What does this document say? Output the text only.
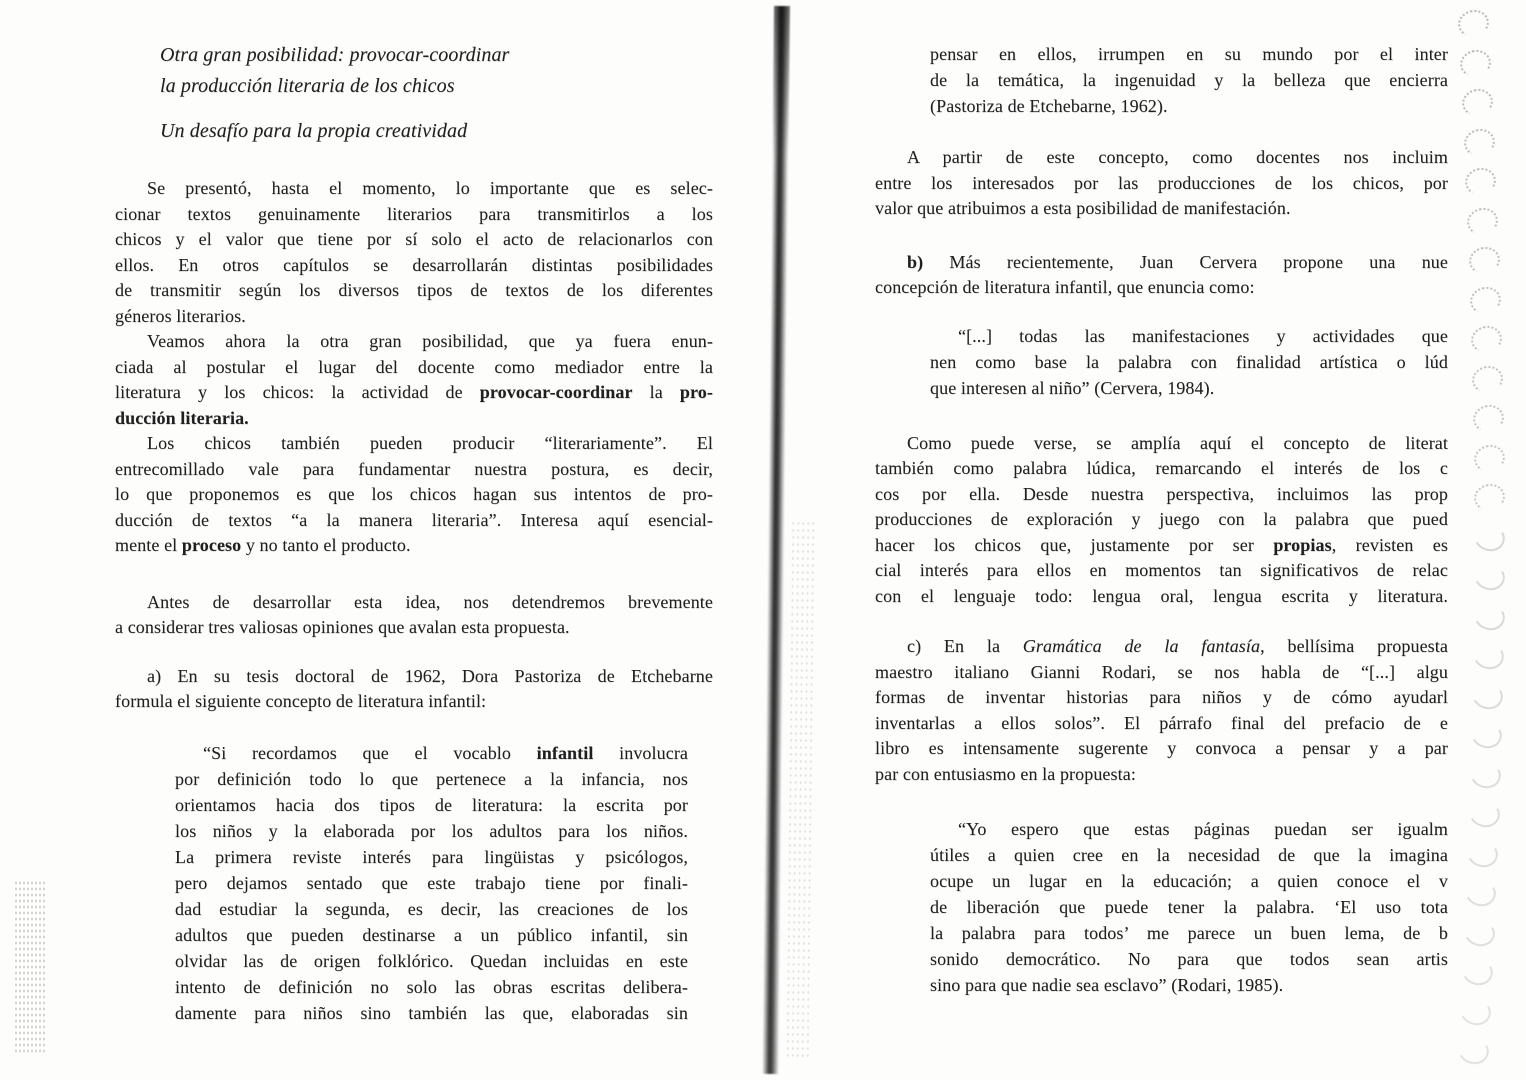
Otra gran posibilidad: provocar-coordinar
la producción literaria de los chicos
Un desafío para la propia creatividad
Se presentó, hasta el momento, lo importante que es selec-
cionar textos genuinamente literarios para transmitirlos a los
chicos y el valor que tiene por sí solo el acto de relacionarlos con
ellos. En otros capítulos se desarrollarán distintas posibilidades
de transmitir según los diversos tipos de textos de los diferentes
géneros literarios.
Veamos ahora la otra gran posibilidad, que ya fuera enun-
ciada al postular el lugar del docente como mediador entre la
literatura y los chicos: la actividad de provocar-coordinar la pro-
ducción literaria.
Los chicos también pueden producir “literariamente”. El
entrecomillado vale para fundamentar nuestra postura, es decir,
lo que proponemos es que los chicos hagan sus intentos de pro-
ducción de textos “a la manera literaria”. Interesa aquí esencial-
mente el proceso y no tanto el producto.
Antes de desarrollar esta idea, nos detendremos brevemente
a considerar tres valiosas opiniones que avalan esta propuesta.
a) En su tesis doctoral de 1962, Dora Pastoriza de Etchebarne
formula el siguiente concepto de literatura infantil:
“Si recordamos que el vocablo infantil involucra
por definición todo lo que pertenece a la infancia, nos
orientamos hacia dos tipos de literatura: la escrita por
los niños y la elaborada por los adultos para los niños.
La primera reviste interés para lingüistas y psicólogos,
pero dejamos sentado que este trabajo tiene por finali-
dad estudiar la segunda, es decir, las creaciones de los
adultos que pueden destinarse a un público infantil, sin
olvidar las de origen folklórico. Quedan incluidas en este
intento de definición no solo las obras escritas delibera-
damente para niños sino también las que, elaboradas sin
pensar en ellos, irrumpen en su mundo por el inter
de la temática, la ingenuidad y la belleza que encierra
(Pastoriza de Etchebarne, 1962).
A partir de este concepto, como docentes nos incluim
entre los interesados por las producciones de los chicos, por
valor que atribuimos a esta posibilidad de manifestación.
b) Más recientemente, Juan Cervera propone una nue
concepción de literatura infantil, que enuncia como:
“[...] todas las manifestaciones y actividades que
nen como base la palabra con finalidad artística o lúd
que interesen al niño” (Cervera, 1984).
Como puede verse, se amplía aquí el concepto de literat
también como palabra lúdica, remarcando el interés de los c
cos por ella. Desde nuestra perspectiva, incluimos las prop
producciones de exploración y juego con la palabra que pued
hacer los chicos que, justamente por ser propias, revisten es
cial interés para ellos en momentos tan significativos de relac
con el lenguaje todo: lengua oral, lengua escrita y literatura.
c) En la Gramática de la fantasía, bellísima propuesta
maestro italiano Gianni Rodari, se nos habla de “[...] algu
formas de inventar historias para niños y de cómo ayudarl
inventarlas a ellos solos”. El párrafo final del prefacio de e
libro es intensamente sugerente y convoca a pensar y a par
par con entusiasmo en la propuesta:
“Yo espero que estas páginas puedan ser igualm
útiles a quien cree en la necesidad de que la imagina
ocupe un lugar en la educación; a quien conoce el v
de liberación que puede tener la palabra. ‘El uso tota
la palabra para todos’ me parece un buen lema, de b
sonido democrático. No para que todos sean artis
sino para que nadie sea esclavo” (Rodari, 1985).
